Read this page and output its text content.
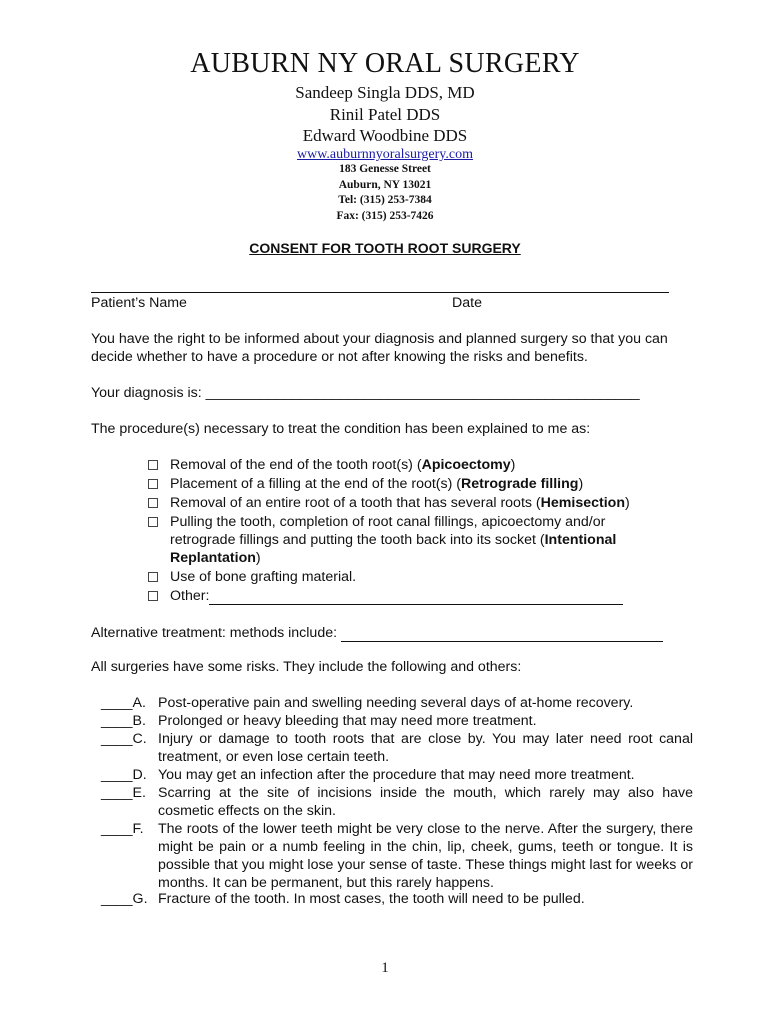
AUBURN NY ORAL SURGERY
Sandeep Singla DDS, MD
Rinil Patel DDS
Edward Woodbine DDS
www.auburnnyoralsurgery.com
183 Genesse Street
Auburn, NY 13021
Tel: (315) 253-7384
Fax: (315) 253-7426
CONSENT FOR TOOTH ROOT SURGERY
Patient’s Name	Date
You have the right to be informed about your diagnosis and planned surgery so that you can decide whether to have a procedure or not after knowing the risks and benefits.
Your diagnosis is: _______________________________________________________
The procedure(s) necessary to treat the condition has been explained to me as:
Removal of the end of the tooth root(s) (Apicoectomy)
Placement of a filling at the end of the root(s) (Retrograde filling)
Removal of an entire root of a tooth that has several roots (Hemisection)
Pulling the tooth, completion of root canal fillings, apicoectomy and/or retrograde fillings and putting the tooth back into its socket (Intentional Replantation)
Use of bone grafting material.
Other:
Alternative treatment: methods include:
All surgeries have some risks. They include the following and others:
____A. Post-operative pain and swelling needing several days of at-home recovery.
____B. Prolonged or heavy bleeding that may need more treatment.
____C. Injury or damage to tooth roots that are close by. You may later need root canal treatment, or even lose certain teeth.
____D. You may get an infection after the procedure that may need more treatment.
____E. Scarring at the site of incisions inside the mouth, which rarely may also have cosmetic effects on the skin.
____F.	The roots of the lower teeth might be very close to the nerve. After the surgery, there might be pain or a numb feeling in the chin, lip, cheek, gums, teeth or tongue. It is possible that you might lose your sense of taste. These things might last for weeks or months. It can be permanent, but this rarely happens.
____G. Fracture of the tooth. In most cases, the tooth will need to be pulled.
1
